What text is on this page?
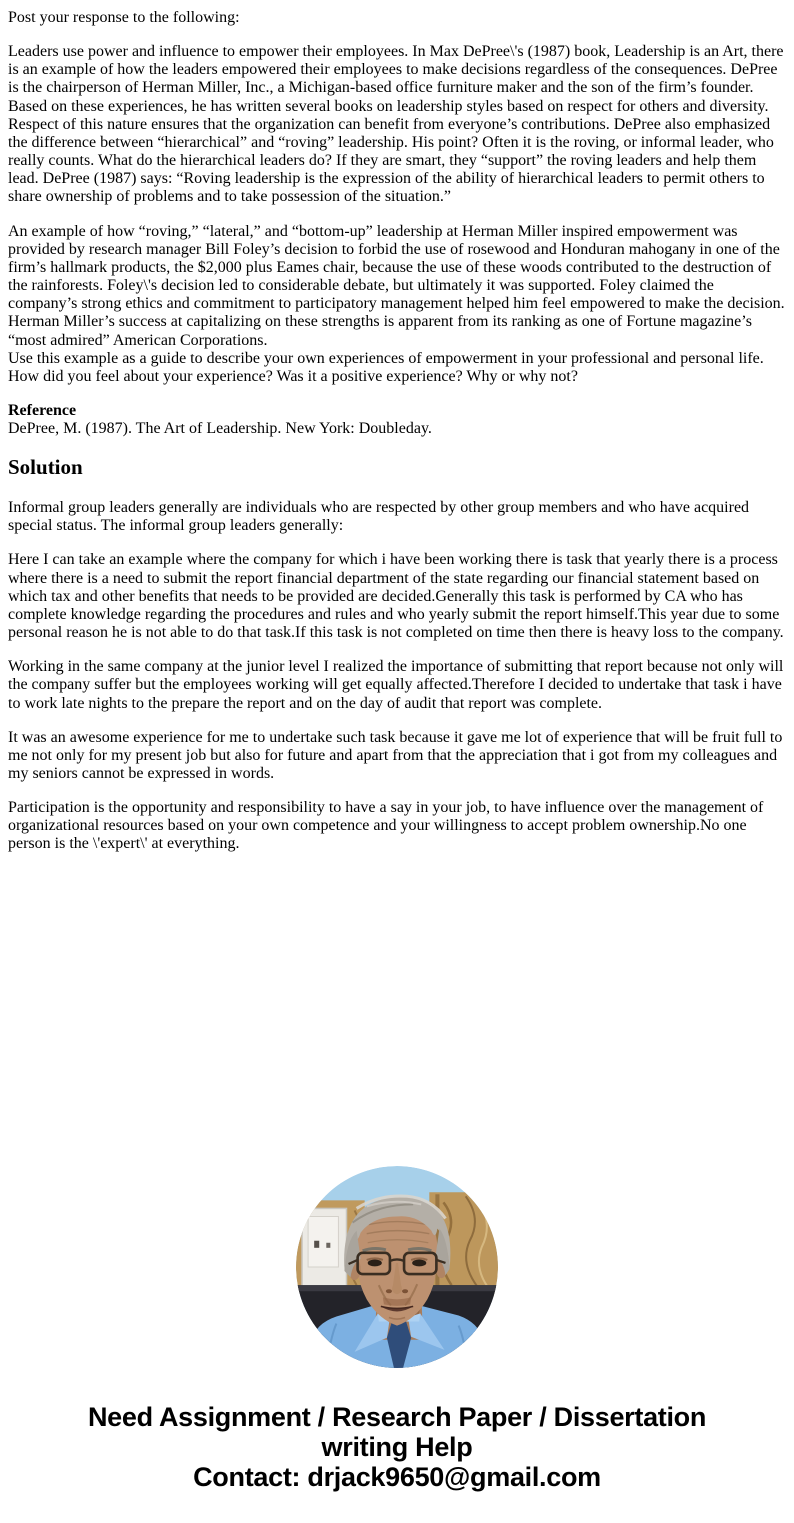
Post your response to the following:

Leaders use power and influence to empower their employees. In Max DePree\'s (1987) book, Leadership is an Art, there is an example of how the leaders empowered their employees to make decisions regardless of the consequences. DePree is the chairperson of Herman Miller, Inc., a Michigan-based office furniture maker and the son of the firm’s founder. Based on these experiences, he has written several books on leadership styles based on respect for others and diversity. Respect of this nature ensures that the organization can benefit from everyone’s contributions. DePree also emphasized the difference between “hierarchical” and “roving” leadership. His point? Often it is the roving, or informal leader, who really counts. What do the hierarchical leaders do? If they are smart, they “support” the roving leaders and help them lead. DePree (1987) says: “Roving leadership is the expression of the ability of hierarchical leaders to permit others to share ownership of problems and to take possession of the situation.”

An example of how “roving,” “lateral,” and “bottom-up” leadership at Herman Miller inspired empowerment was provided by research manager Bill Foley’s decision to forbid the use of rosewood and Honduran mahogany in one of the firm’s hallmark products, the $2,000 plus Eames chair, because the use of these woods contributed to the destruction of the rainforests. Foley\'s decision led to considerable debate, but ultimately it was supported. Foley claimed the company’s strong ethics and commitment to participatory management helped him feel empowered to make the decision. Herman Miller’s success at capitalizing on these strengths is apparent from its ranking as one of Fortune magazine’s “most admired” American Corporations.

Use this example as a guide to describe your own experiences of empowerment in your professional and personal life. How did you feel about your experience? Was it a positive experience? Why or why not?

Reference

DePree, M. (1987). The Art of Leadership. New York: Doubleday.

Solution

Informal group leaders generally are individuals who are respected by other group members and who have acquired special status. The informal group leaders generally:

Here I can take an example where the company for which i have been working there is task that yearly there is a process where there is a need to submit the report financial department of the state regarding our financial statement based on which tax and other benefits that needs to be provided are decided.Generally this task is performed by CA who has complete knowledge regarding the procedures and rules and who yearly submit the report himself.This year due to some personal reason he is not able to do that task.If this task is not completed on time then there is heavy loss to the company.

Working in the same company at the junior level I realized the importance of submitting that report because not only will the company suffer but the employees working will get equally affected.Therefore I decided to undertake that task i have to work late nights to the prepare the report and on the day of audit that report was complete.

It was an awesome experience for me to undertake such task because it gave me lot of experience that will be fruit full to me not only for my present job but also for future and apart from that the appreciation that i got from my colleagues and my seniors cannot be expressed in words.

Participation is the opportunity and responsibility to have a say in your job, to have influence over the management of organizational resources based on your own competence and your willingness to accept problem ownership.No one person is the \'expert\' at everything.

Need Assignment / Research Paper / Dissertation
writing Help
Contact: drjack9650@gmail.com
